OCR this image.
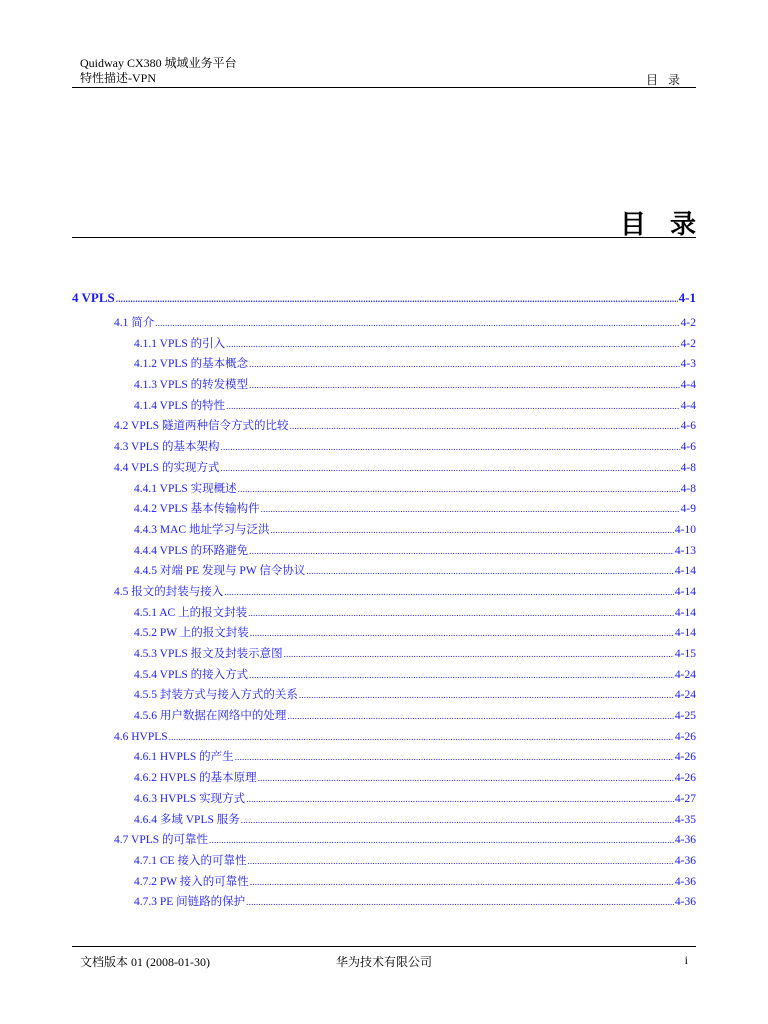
Quidway CX380 城域业务平台
特性描述-VPN	目录
目录
4 VPLS .....	4-1
4.1 简介 .....	4-2
4.1.1 VPLS 的引入 .....	4-2
4.1.2 VPLS 的基本概念 .....	4-3
4.1.3 VPLS 的转发模型 .....	4-4
4.1.4 VPLS 的特性 .....	4-4
4.2 VPLS 隧道两种信令方式的比较 .....	4-6
4.3 VPLS 的基本架构 .....	4-6
4.4 VPLS 的实现方式 .....	4-8
4.4.1 VPLS 实现概述 .....	4-8
4.4.2 VPLS 基本传输构件 .....	4-9
4.4.3 MAC 地址学习与泛洪 .....	4-10
4.4.4 VPLS 的环路避免 .....	4-13
4.4.5 对端 PE 发现与 PW 信令协议 .....	4-14
4.5 报文的封装与接入 .....	4-14
4.5.1 AC 上的报文封装 .....	4-14
4.5.2 PW 上的报文封装 .....	4-14
4.5.3 VPLS 报文及封装示意图 .....	4-15
4.5.4 VPLS 的接入方式 .....	4-24
4.5.5 封装方式与接入方式的关系 .....	4-24
4.5.6 用户数据在网络中的处理 .....	4-25
4.6 HVPLS .....	4-26
4.6.1 HVPLS 的产生 .....	4-26
4.6.2 HVPLS 的基本原理 .....	4-26
4.6.3 HVPLS 实现方式 .....	4-27
4.6.4 多域 VPLS 服务 .....	4-35
4.7 VPLS 的可靠性 .....	4-36
4.7.1 CE 接入的可靠性 .....	4-36
4.7.2 PW 接入的可靠性 .....	4-36
4.7.3 PE 间链路的保护 .....	4-36
文档版本 01 (2008-01-30)	华为技术有限公司	i
